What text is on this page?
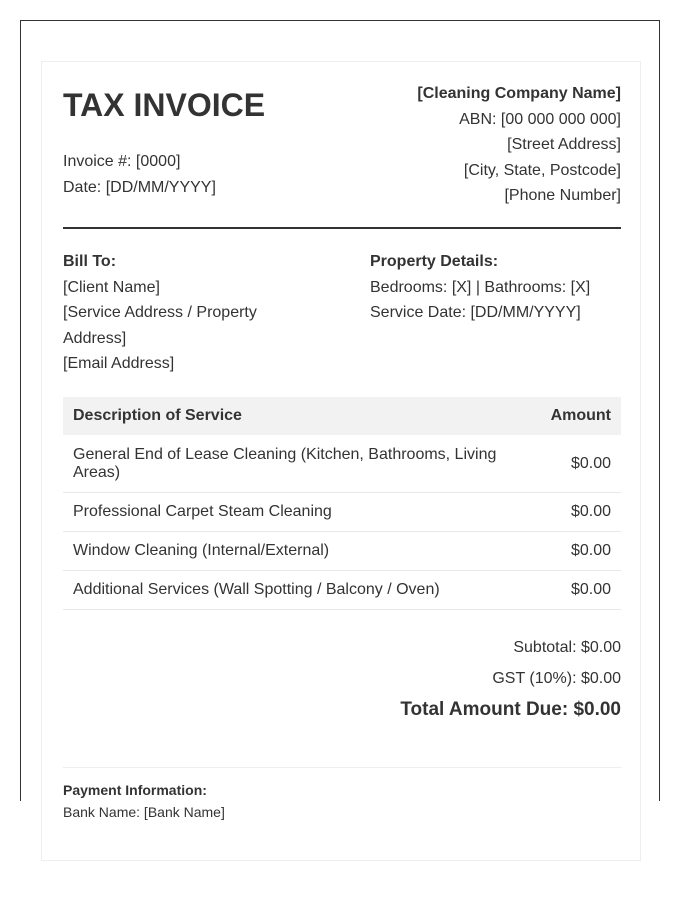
TAX INVOICE
Invoice #: [0000]
Date: [DD/MM/YYYY]
[Cleaning Company Name]
ABN: [00 000 000 000]
[Street Address]
[City, State, Postcode]
[Phone Number]
Bill To:
[Client Name]
[Service Address / Property
Address]
[Email Address]
Property Details:
Bedrooms: [X] | Bathrooms: [X]
Service Date: [DD/MM/YYYY]
Description of Service	Amount
General End of Lease Cleaning (Kitchen, Bathrooms, Living Areas)	$0.00
Professional Carpet Steam Cleaning	$0.00
Window Cleaning (Internal/External)	$0.00
Additional Services (Wall Spotting / Balcony / Oven)	$0.00
Subtotal: $0.00
GST (10%): $0.00
Total Amount Due: $0.00
Payment Information:
Bank Name: [Bank Name]
